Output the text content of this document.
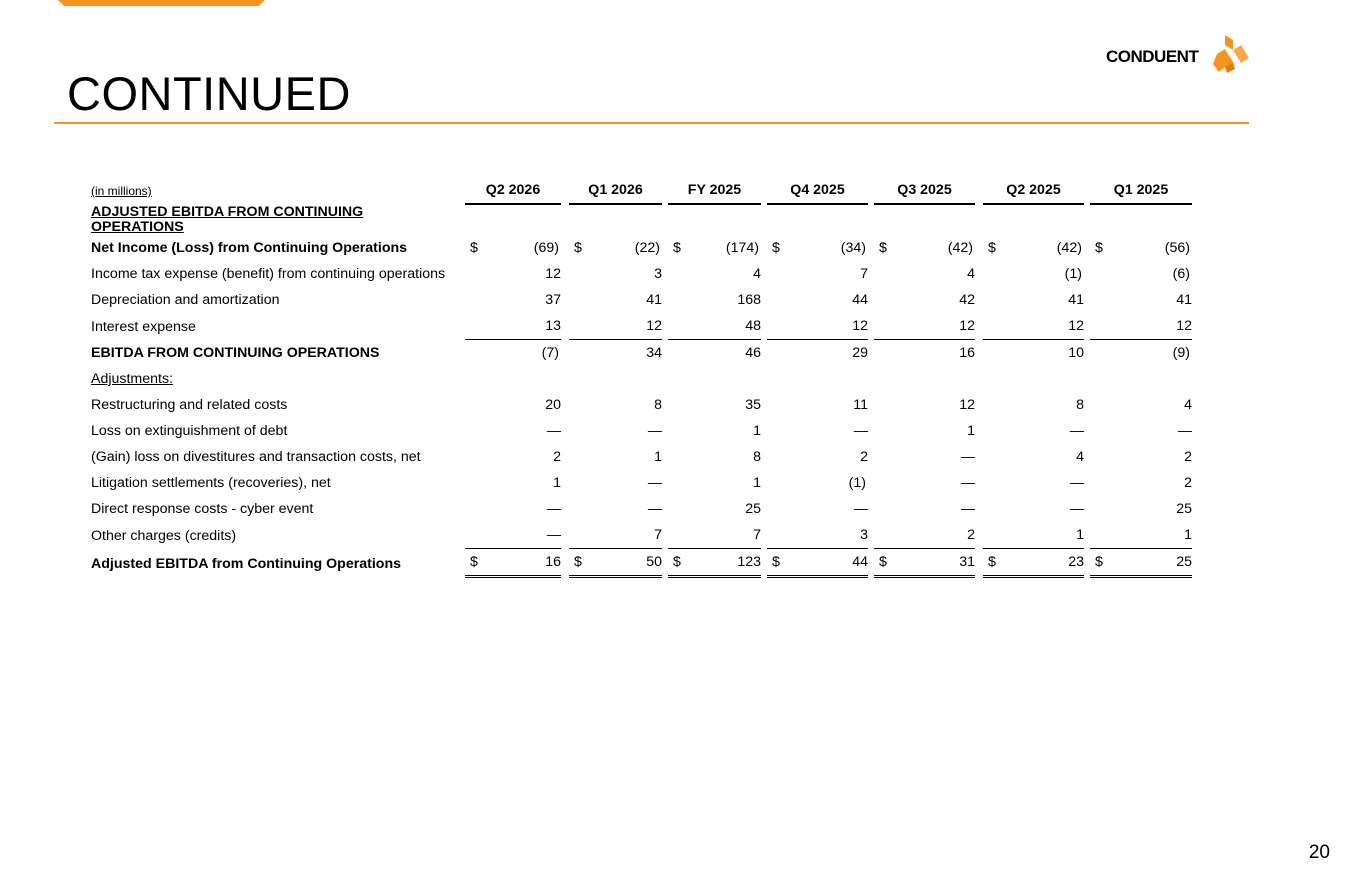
CONTINUED
CONDUENT
(in millions)	Q2 2026		Q1 2026		FY 2025		Q4 2025		Q3 2025		Q2 2025		Q1 2025
ADJUSTED EBITDA FROM CONTINUING OPERATIONS													
Net Income (Loss) from Continuing Operations	$ (69)		$ (22)		$ (174)		$ (34)		$ (42)		$ (42)		$ (56)

Income tax expense (benefit) from continuing operations	12		3		4		7		4		(1)		(6)
Depreciation and amortization	37		41		168		44		42		41		41
Interest expense	13		12		48		12		12		12		12
EBITDA FROM CONTINUING OPERATIONS	(7)		34		46		29		16		10		(9)
Adjustments:													
Restructuring and related costs	20		8		35		11		12		8		4
Loss on extinguishment of debt	—		—		1		—		1		—		—
(Gain) loss on divestitures and transaction costs, net	2		1		8		2		—		4		2
Litigation settlements (recoveries), net	1		—		1		(1)		—		—		2
Direct response costs - cyber event	—		—		25		—		—		—		25
Other charges (credits)	—		7		7		3		2		1		1
Adjusted EBITDA from Continuing Operations	$ 16		$ 50		$ 123		$ 44		$ 31		$ 23		$ 25
20
